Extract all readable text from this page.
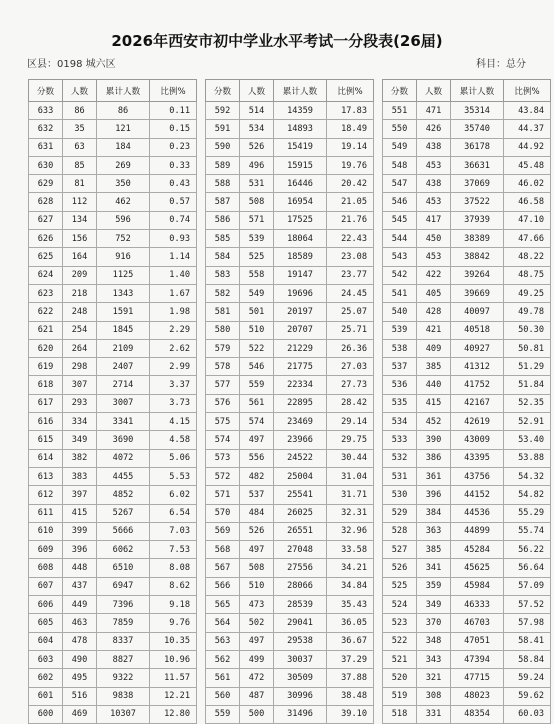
2026年西安市初中学业水平考试一分段表(26届)
区县：0198 城六区	科目：总分
分数	人数	累计人数	比例%
633	86	86	0.11
632	35	121	0.15
631	63	184	0.23
630	85	269	0.33
629	81	350	0.43
628	112	462	0.57
627	134	596	0.74
626	156	752	0.93
625	164	916	1.14
624	209	1125	1.40
623	218	1343	1.67
622	248	1591	1.98
621	254	1845	2.29
620	264	2109	2.62
619	298	2407	2.99
618	307	2714	3.37
617	293	3007	3.73
616	334	3341	4.15
615	349	3690	4.58
614	382	4072	5.06
613	383	4455	5.53
612	397	4852	6.02
611	415	5267	6.54
610	399	5666	7.03
609	396	6062	7.53
608	448	6510	8.08
607	437	6947	8.62
606	449	7396	9.18
605	463	7859	9.76
604	478	8337	10.35
603	490	8827	10.96
602	495	9322	11.57
601	516	9838	12.21
600	469	10307	12.80
分数	人数	累计人数	比例%
592	514	14359	17.83
591	534	14893	18.49
590	526	15419	19.14
589	496	15915	19.76
588	531	16446	20.42
587	508	16954	21.05
586	571	17525	21.76
585	539	18064	22.43
584	525	18589	23.08
583	558	19147	23.77
582	549	19696	24.45
581	501	20197	25.07
580	510	20707	25.71
579	522	21229	26.36
578	546	21775	27.03
577	559	22334	27.73
576	561	22895	28.42
575	574	23469	29.14
574	497	23966	29.75
573	556	24522	30.44
572	482	25004	31.04
571	537	25541	31.71
570	484	26025	32.31
569	526	26551	32.96
568	497	27048	33.58
567	508	27556	34.21
566	510	28066	34.84
565	473	28539	35.43
564	502	29041	36.05
563	497	29538	36.67
562	499	30037	37.29
561	472	30509	37.88
560	487	30996	38.48
559	500	31496	39.10
分数	人数	累计人数	比例%
551	471	35314	43.84
550	426	35740	44.37
549	438	36178	44.92
548	453	36631	45.48
547	438	37069	46.02
546	453	37522	46.58
545	417	37939	47.10
544	450	38389	47.66
543	453	38842	48.22
542	422	39264	48.75
541	405	39669	49.25
540	428	40097	49.78
539	421	40518	50.30
538	409	40927	50.81
537	385	41312	51.29
536	440	41752	51.84
535	415	42167	52.35
534	452	42619	52.91
533	390	43009	53.40
532	386	43395	53.88
531	361	43756	54.32
530	396	44152	54.82
529	384	44536	55.29
528	363	44899	55.74
527	385	45284	56.22
526	341	45625	56.64
525	359	45984	57.09
524	349	46333	57.52
523	370	46703	57.98
522	348	47051	58.41
521	343	47394	58.84
520	321	47715	59.24
519	308	48023	59.62
518	331	48354	60.03
